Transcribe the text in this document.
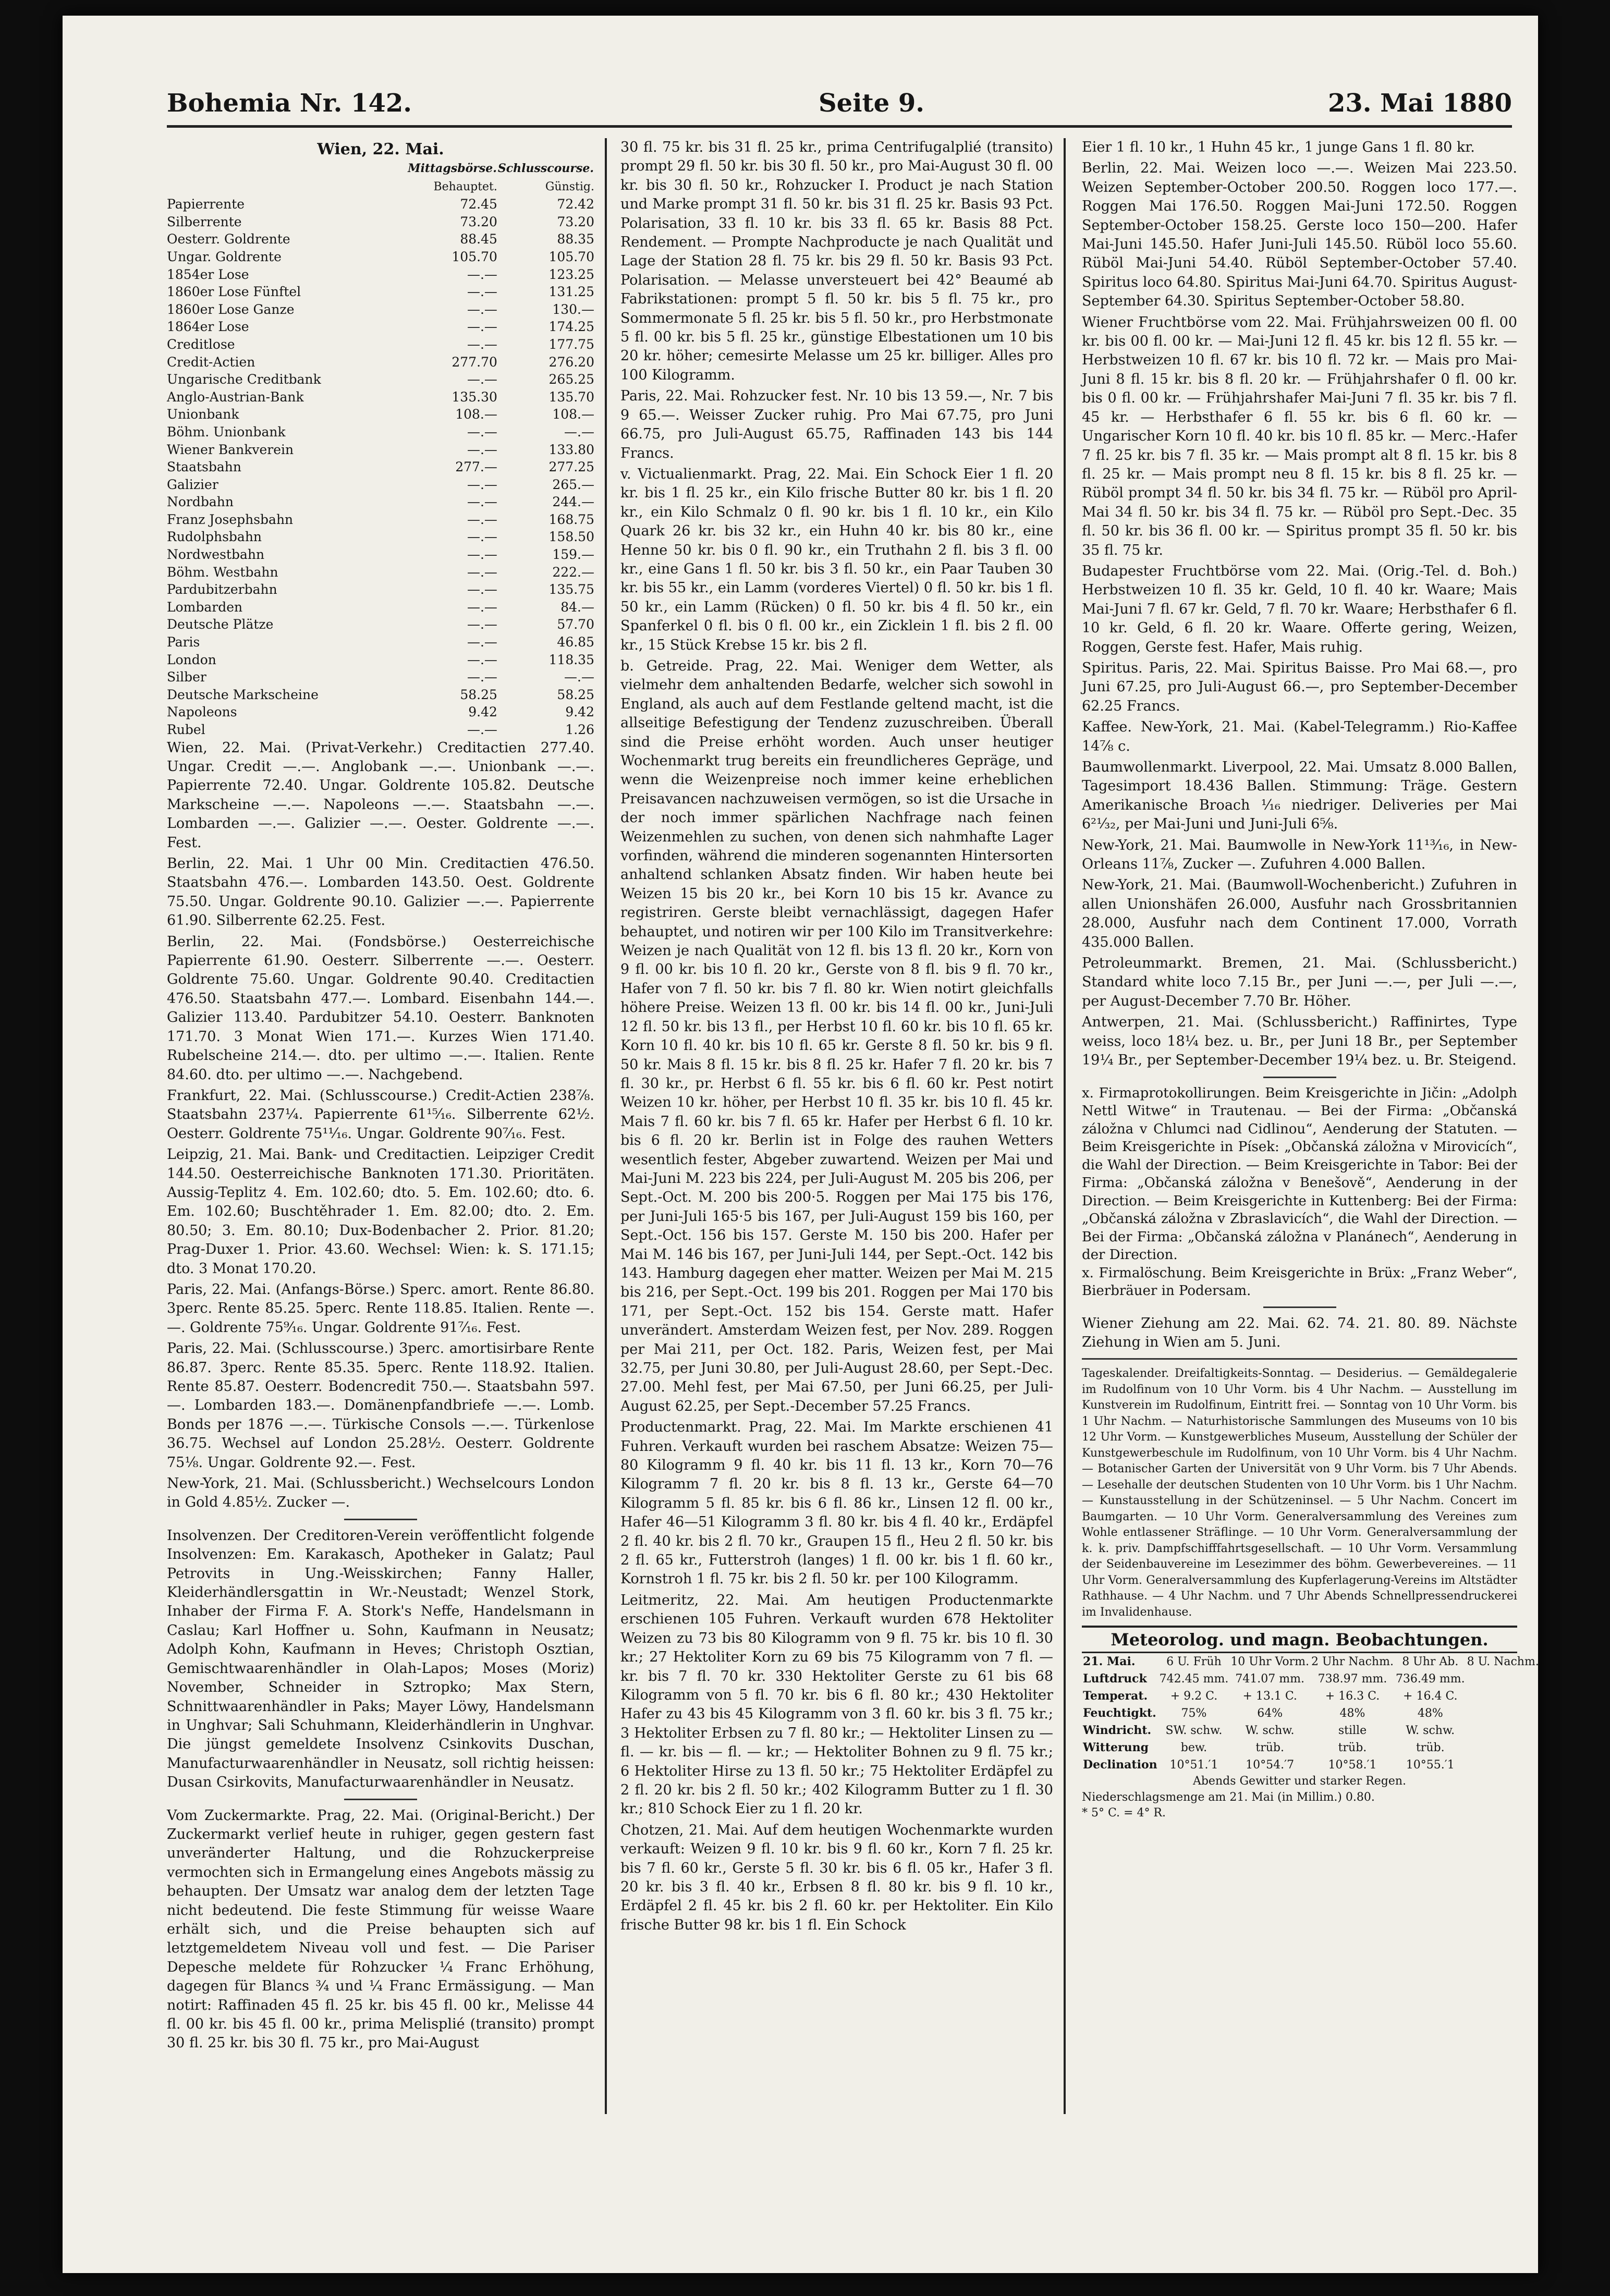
Bohemia Nr. 142.	Seite 9.	23. Mai 1880
Wien, 22. Mai.
	Mittagsbörse.	Schlusscourse.
	Behauptet.	Günstig.
Papierrente	72.45	72.42
Silberrente	73.20	73.20
Oesterr. Goldrente	88.45	88.35
Ungar. Goldrente	105.70	105.70
1854er Lose	—.—	123.25
1860er Lose Fünftel	—.—	131.25
1860er Lose Ganze	—.—	130.—
1864er Lose	—.—	174.25
Creditlose	—.—	177.75
Credit-Actien	277.70	276.20
Ungarische Creditbank	—.—	265.25
Anglo-Austrian-Bank	135.30	135.70
Unionbank	108.—	108.—
Böhm. Unionbank	—.—	—.—
Wiener Bankverein	—.—	133.80
Staatsbahn	277.—	277.25
Galizier	—.—	265.—
Nordbahn	—.—	244.—
Franz Josephsbahn	—.—	168.75
Rudolphsbahn	—.—	158.50
Nordwestbahn	—.—	159.—
Böhm. Westbahn	—.—	222.—
Pardubitzerbahn	—.—	135.75
Lombarden	—.—	84.—
Deutsche Plätze	—.—	57.70
Paris	—.—	46.85
London	—.—	118.35
Silber	—.—	—.—
Deutsche Markscheine	58.25	58.25
Napoleons	9.42	9.42
Rubel	—.—	1.26
Wien, 22. Mai. (Privat-Verkehr.) Creditactien 277.40. Ungar. Credit —.—. Anglobank —.—. Unionbank —.—. Papierrente 72.40. Ungar. Goldrente 105.82. Deutsche Markscheine —.—. Napoleons —.—. Staatsbahn —.—. Lombarden —.—. Galizier —.—. Oester. Goldrente —.—. Fest.
Berlin, 22. Mai. 1 Uhr 00 Min. Creditactien 476.50. Staatsbahn 476.—. Lombarden 143.50. Oest. Goldrente 75.50. Ungar. Goldrente 90.10. Galizier —.—. Papierrente 61.90. Silberrente 62.25. Fest.
Berlin, 22. Mai. (Fondsbörse.) Oesterreichische Papierrente 61.90. Oesterr. Silberrente —.—. Oesterr. Goldrente 75.60. Ungar. Goldrente 90.40. Creditactien 476.50. Staatsbahn 477.—. Lombard. Eisenbahn 144.—. Galizier 113.40. Pardubitzer 54.10. Oesterr. Banknoten 171.70. 3 Monat Wien 171.—. Kurzes Wien 171.40. Rubelscheine 214.—. dto. per ultimo —.—. Italien. Rente 84.60. dto. per ultimo —.—. Nachgebend.
Frankfurt, 22. Mai. (Schlusscourse.) Credit-Actien 238⅞. Staatsbahn 237¼. Papierrente 61¹⁵⁄₁₆. Silberrente 62½. Oesterr. Goldrente 75¹¹⁄₁₆. Ungar. Goldrente 90⁷⁄₁₆. Fest.
Leipzig, 21. Mai. Bank- und Creditactien. Leipziger Credit 144.50. Oesterreichische Banknoten 171.30. Prioritäten. Aussig-Teplitz 4. Em. 102.60; dto. 5. Em. 102.60; dto. 6. Em. 102.60; Buschtěhrader 1. Em. 82.00; dto. 2. Em. 80.50; 3. Em. 80.10; Dux-Bodenbacher 2. Prior. 81.20; Prag-Duxer 1. Prior. 43.60. Wechsel: Wien: k. S. 171.15; dto. 3 Monat 170.20.
Paris, 22. Mai. (Anfangs-Börse.) Sperc. amort. Rente 86.80. 3perc. Rente 85.25. 5perc. Rente 118.85. Italien. Rente —.—. Goldrente 75⁹⁄₁₆. Ungar. Goldrente 91⁷⁄₁₆. Fest.
Paris, 22. Mai. (Schlusscourse.) 3perc. amortisirbare Rente 86.87. 3perc. Rente 85.35. 5perc. Rente 118.92. Italien. Rente 85.87. Oesterr. Bodencredit 750.—. Staatsbahn 597.—. Lombarden 183.—. Domänenpfandbriefe —.—. Lomb. Bonds per 1876 —.—. Türkische Consols —.—. Türkenlose 36.75. Wechsel auf London 25.28½. Oesterr. Goldrente 75⅛. Ungar. Goldrente 92.—. Fest.
New-York, 21. Mai. (Schlussbericht.) Wechselcours London in Gold 4.85½. Zucker —.
Insolvenzen. Der Creditoren-Verein veröffentlicht folgende Insolvenzen: Em. Karakasch, Apotheker in Galatz; Paul Petrovits in Ung.-Weisskirchen; Fanny Haller, Kleiderhändlersgattin in Wr.-Neustadt; Wenzel Stork, Inhaber der Firma F. A. Stork's Neffe, Handelsmann in Caslau; Karl Hoffner u. Sohn, Kaufmann in Neusatz; Adolph Kohn, Kaufmann in Heves; Christoph Osztian, Gemischtwaarenhändler in Olah-Lapos; Moses (Moriz) November, Schneider in Sztropko; Max Stern, Schnittwaarenhändler in Paks; Mayer Löwy, Handelsmann in Unghvar; Sali Schuhmann, Kleiderhändlerin in Unghvar. Die jüngst gemeldete Insolvenz Csinkovits Duschan, Manufacturwaarenhändler in Neusatz, soll richtig heissen: Dusan Csirkovits, Manufacturwaarenhändler in Neusatz.
Vom Zuckermarkte. Prag, 22. Mai. (Original-Bericht.) Der Zuckermarkt verlief heute in ruhiger, gegen gestern fast unveränderter Haltung, und die Rohzuckerpreise vermochten sich in Ermangelung eines Angebots mässig zu behaupten. Der Umsatz war analog dem der letzten Tage nicht bedeutend. Die feste Stimmung für weisse Waare erhält sich, und die Preise behaupten sich auf letztgemeldetem Niveau voll und fest. — Die Pariser Depesche meldete für Rohzucker ¼ Franc Erhöhung, dagegen für Blancs ¾ und ¼ Franc Ermässigung. — Man notirt: Raffinaden 45 fl. 25 kr. bis 45 fl. 00 kr., Melisse 44 fl. 00 kr. bis 45 fl. 00 kr., prima Melisplié (transito) prompt 30 fl. 25 kr. bis 30 fl. 75 kr., pro Mai-August
30 fl. 75 kr. bis 31 fl. 25 kr., prima Centrifugalplié (transito) prompt 29 fl. 50 kr. bis 30 fl. 50 kr., pro Mai-August 30 fl. 00 kr. bis 30 fl. 50 kr., Rohzucker I. Product je nach Station und Marke prompt 31 fl. 50 kr. bis 31 fl. 25 kr. Basis 93 Pct. Polarisation, 33 fl. 10 kr. bis 33 fl. 65 kr. Basis 88 Pct. Rendement. — Prompte Nachproducte je nach Qualität und Lage der Station 28 fl. 75 kr. bis 29 fl. 50 kr. Basis 93 Pct. Polarisation. — Melasse unversteuert bei 42° Beaumé ab Fabrikstationen: prompt 5 fl. 50 kr. bis 5 fl. 75 kr., pro Sommermonate 5 fl. 25 kr. bis 5 fl. 50 kr., pro Herbstmonate 5 fl. 00 kr. bis 5 fl. 25 kr., günstige Elbestationen um 10 bis 20 kr. höher; cemesirte Melasse um 25 kr. billiger. Alles pro 100 Kilogramm.
Paris, 22. Mai. Rohzucker fest. Nr. 10 bis 13 59.—, Nr. 7 bis 9 65.—. Weisser Zucker ruhig. Pro Mai 67.75, pro Juni 66.75, pro Juli-August 65.75, Raffinaden 143 bis 144 Francs.
v. Victualienmarkt. Prag, 22. Mai. Ein Schock Eier 1 fl. 20 kr. bis 1 fl. 25 kr., ein Kilo frische Butter 80 kr. bis 1 fl. 20 kr., ein Kilo Schmalz 0 fl. 90 kr. bis 1 fl. 10 kr., ein Kilo Quark 26 kr. bis 32 kr., ein Huhn 40 kr. bis 80 kr., eine Henne 50 kr. bis 0 fl. 90 kr., ein Truthahn 2 fl. bis 3 fl. 00 kr., eine Gans 1 fl. 50 kr. bis 3 fl. 50 kr., ein Paar Tauben 30 kr. bis 55 kr., ein Lamm (vorderes Viertel) 0 fl. 50 kr. bis 1 fl. 50 kr., ein Lamm (Rücken) 0 fl. 50 kr. bis 4 fl. 50 kr., ein Spanferkel 0 fl. bis 0 fl. 00 kr., ein Zicklein 1 fl. bis 2 fl. 00 kr., 15 Stück Krebse 15 kr. bis 2 fl.
b. Getreide. Prag, 22. Mai. Weniger dem Wetter, als vielmehr dem anhaltenden Bedarfe, welcher sich sowohl in England, als auch auf dem Festlande geltend macht, ist die allseitige Befestigung der Tendenz zuzuschreiben. Überall sind die Preise erhöht worden. Auch unser heutiger Wochenmarkt trug bereits ein freundlicheres Gepräge, und wenn die Weizenpreise noch immer keine erheblichen Preisavancen nachzuweisen vermögen, so ist die Ursache in der noch immer spärlichen Nachfrage nach feinen Weizenmehlen zu suchen, von denen sich nahmhafte Lager vorfinden, während die minderen sogenannten Hintersorten anhaltend schlanken Absatz finden. Wir haben heute bei Weizen 15 bis 20 kr., bei Korn 10 bis 15 kr. Avance zu registriren. Gerste bleibt vernachlässigt, dagegen Hafer behauptet, und notiren wir per 100 Kilo im Transitverkehre: Weizen je nach Qualität von 12 fl. bis 13 fl. 20 kr., Korn von 9 fl. 00 kr. bis 10 fl. 20 kr., Gerste von 8 fl. bis 9 fl. 70 kr., Hafer von 7 fl. 50 kr. bis 7 fl. 80 kr. Wien notirt gleichfalls höhere Preise. Weizen 13 fl. 00 kr. bis 14 fl. 00 kr., Juni-Juli 12 fl. 50 kr. bis 13 fl., per Herbst 10 fl. 60 kr. bis 10 fl. 65 kr. Korn 10 fl. 40 kr. bis 10 fl. 65 kr. Gerste 8 fl. 50 kr. bis 9 fl. 50 kr. Mais 8 fl. 15 kr. bis 8 fl. 25 kr. Hafer 7 fl. 20 kr. bis 7 fl. 30 kr., pr. Herbst 6 fl. 55 kr. bis 6 fl. 60 kr. Pest notirt Weizen 10 kr. höher, per Herbst 10 fl. 35 kr. bis 10 fl. 45 kr. Mais 7 fl. 60 kr. bis 7 fl. 65 kr. Hafer per Herbst 6 fl. 10 kr. bis 6 fl. 20 kr. Berlin ist in Folge des rauhen Wetters wesentlich fester, Abgeber zuwartend. Weizen per Mai und Mai-Juni M. 223 bis 224, per Juli-August M. 205 bis 206, per Sept.-Oct. M. 200 bis 200·5. Roggen per Mai 175 bis 176, per Juni-Juli 165·5 bis 167, per Juli-August 159 bis 160, per Sept.-Oct. 156 bis 157. Gerste M. 150 bis 200. Hafer per Mai M. 146 bis 167, per Juni-Juli 144, per Sept.-Oct. 142 bis 143. Hamburg dagegen eher matter. Weizen per Mai M. 215 bis 216, per Sept.-Oct. 199 bis 201. Roggen per Mai 170 bis 171, per Sept.-Oct. 152 bis 154. Gerste matt. Hafer unverändert. Amsterdam Weizen fest, per Nov. 289. Roggen per Mai 211, per Oct. 182. Paris, Weizen fest, per Mai 32.75, per Juni 30.80, per Juli-August 28.60, per Sept.-Dec. 27.00. Mehl fest, per Mai 67.50, per Juni 66.25, per Juli-August 62.25, per Sept.-December 57.25 Francs.
Productenmarkt. Prag, 22. Mai. Im Markte erschienen 41 Fuhren. Verkauft wurden bei raschem Absatze: Weizen 75—80 Kilogramm 9 fl. 40 kr. bis 11 fl. 13 kr., Korn 70—76 Kilogramm 7 fl. 20 kr. bis 8 fl. 13 kr., Gerste 64—70 Kilogramm 5 fl. 85 kr. bis 6 fl. 86 kr., Linsen 12 fl. 00 kr., Hafer 46—51 Kilogramm 3 fl. 80 kr. bis 4 fl. 40 kr., Erdäpfel 2 fl. 40 kr. bis 2 fl. 70 kr., Graupen 15 fl., Heu 2 fl. 50 kr. bis 2 fl. 65 kr., Futterstroh (langes) 1 fl. 00 kr. bis 1 fl. 60 kr., Kornstroh 1 fl. 75 kr. bis 2 fl. 50 kr. per 100 Kilogramm.
Leitmeritz, 22. Mai. Am heutigen Productenmarkte erschienen 105 Fuhren. Verkauft wurden 678 Hektoliter Weizen zu 73 bis 80 Kilogramm von 9 fl. 75 kr. bis 10 fl. 30 kr.; 27 Hektoliter Korn zu 69 bis 75 Kilogramm von 7 fl. — kr. bis 7 fl. 70 kr. 330 Hektoliter Gerste zu 61 bis 68 Kilogramm von 5 fl. 70 kr. bis 6 fl. 80 kr.; 430 Hektoliter Hafer zu 43 bis 45 Kilogramm von 3 fl. 60 kr. bis 3 fl. 75 kr.; 3 Hektoliter Erbsen zu 7 fl. 80 kr.; — Hektoliter Linsen zu — fl. — kr. bis — fl. — kr.; — Hektoliter Bohnen zu 9 fl. 75 kr.; 6 Hektoliter Hirse zu 13 fl. 50 kr.; 75 Hektoliter Erdäpfel zu 2 fl. 20 kr. bis 2 fl. 50 kr.; 402 Kilogramm Butter zu 1 fl. 30 kr.; 810 Schock Eier zu 1 fl. 20 kr.
Chotzen, 21. Mai. Auf dem heutigen Wochenmarkte wurden verkauft: Weizen 9 fl. 10 kr. bis 9 fl. 60 kr., Korn 7 fl. 25 kr. bis 7 fl. 60 kr., Gerste 5 fl. 30 kr. bis 6 fl. 05 kr., Hafer 3 fl. 20 kr. bis 3 fl. 40 kr., Erbsen 8 fl. 80 kr. bis 9 fl. 10 kr., Erdäpfel 2 fl. 45 kr. bis 2 fl. 60 kr. per Hektoliter. Ein Kilo frische Butter 98 kr. bis 1 fl. Ein Schock
Eier 1 fl. 10 kr., 1 Huhn 45 kr., 1 junge Gans 1 fl. 80 kr.
Berlin, 22. Mai. Weizen loco —.—. Weizen Mai 223.50. Weizen September-October 200.50. Roggen loco 177.—. Roggen Mai 176.50. Roggen Mai-Juni 172.50. Roggen September-October 158.25. Gerste loco 150—200. Hafer Mai-Juni 145.50. Hafer Juni-Juli 145.50. Rüböl loco 55.60. Rüböl Mai-Juni 54.40. Rüböl September-October 57.40. Spiritus loco 64.80. Spiritus Mai-Juni 64.70. Spiritus August-September 64.30. Spiritus September-October 58.80.
Wiener Fruchtbörse vom 22. Mai. Frühjahrsweizen 00 fl. 00 kr. bis 00 fl. 00 kr. — Mai-Juni 12 fl. 45 kr. bis 12 fl. 55 kr. — Herbstweizen 10 fl. 67 kr. bis 10 fl. 72 kr. — Mais pro Mai-Juni 8 fl. 15 kr. bis 8 fl. 20 kr. — Frühjahrshafer 0 fl. 00 kr. bis 0 fl. 00 kr. — Frühjahrshafer Mai-Juni 7 fl. 35 kr. bis 7 fl. 45 kr. — Herbsthafer 6 fl. 55 kr. bis 6 fl. 60 kr. — Ungarischer Korn 10 fl. 40 kr. bis 10 fl. 85 kr. — Merc.-Hafer 7 fl. 25 kr. bis 7 fl. 35 kr. — Mais prompt alt 8 fl. 15 kr. bis 8 fl. 25 kr. — Mais prompt neu 8 fl. 15 kr. bis 8 fl. 25 kr. — Rüböl prompt 34 fl. 50 kr. bis 34 fl. 75 kr. — Rüböl pro April-Mai 34 fl. 50 kr. bis 34 fl. 75 kr. — Rüböl pro Sept.-Dec. 35 fl. 50 kr. bis 36 fl. 00 kr. — Spiritus prompt 35 fl. 50 kr. bis 35 fl. 75 kr.
Budapester Fruchtbörse vom 22. Mai. (Orig.-Tel. d. Boh.) Herbstweizen 10 fl. 35 kr. Geld, 10 fl. 40 kr. Waare; Mais Mai-Juni 7 fl. 67 kr. Geld, 7 fl. 70 kr. Waare; Herbsthafer 6 fl. 10 kr. Geld, 6 fl. 20 kr. Waare. Offerte gering, Weizen, Roggen, Gerste fest. Hafer, Mais ruhig.
Spiritus. Paris, 22. Mai. Spiritus Baisse. Pro Mai 68.—, pro Juni 67.25, pro Juli-August 66.—, pro September-December 62.25 Francs.
Kaffee. New-York, 21. Mai. (Kabel-Telegramm.) Rio-Kaffee 14⅞ c.
Baumwollenmarkt. Liverpool, 22. Mai. Umsatz 8.000 Ballen, Tagesimport 18.436 Ballen. Stimmung: Träge. Gestern Amerikanische Broach ⅟₁₆ niedriger. Deliveries per Mai 6²¹⁄₃₂, per Mai-Juni und Juni-Juli 6⅝.
New-York, 21. Mai. Baumwolle in New-York 11¹³⁄₁₆, in New-Orleans 11⅞, Zucker —. Zufuhren 4.000 Ballen.
New-York, 21. Mai. (Baumwoll-Wochenbericht.) Zufuhren in allen Unionshäfen 26.000, Ausfuhr nach Grossbritannien 28.000, Ausfuhr nach dem Continent 17.000, Vorrath 435.000 Ballen.
Petroleummarkt. Bremen, 21. Mai. (Schlussbericht.) Standard white loco 7.15 Br., per Juni —.—, per Juli —.—, per August-December 7.70 Br. Höher.
Antwerpen, 21. Mai. (Schlussbericht.) Raffinirtes, Type weiss, loco 18¼ bez. u. Br., per Juni 18 Br., per September 19¼ Br., per September-December 19¼ bez. u. Br. Steigend.
x. Firmaprotokollirungen. Beim Kreisgerichte in Jičin: „Adolph Nettl Witwe“ in Trautenau. — Bei der Firma: „Občanská záložna v Chlumci nad Cidlinou“, Aenderung der Statuten. — Beim Kreisgerichte in Písek: „Občanská záložna v Mirovicích“, die Wahl der Direction. — Beim Kreisgerichte in Tabor: Bei der Firma: „Občanská záložna v Benešově“, Aenderung in der Direction. — Beim Kreisgerichte in Kuttenberg: Bei der Firma: „Občanská záložna v Zbraslavicích“, die Wahl der Direction. — Bei der Firma: „Občanská záložna v Planánech“, Aenderung in der Direction.
x. Firmalöschung. Beim Kreisgerichte in Brüx: „Franz Weber“, Bierbräuer in Podersam.
Wiener Ziehung am 22. Mai. 62. 74. 21. 80. 89. Nächste Ziehung in Wien am 5. Juni.
Tageskalender. Dreifaltigkeits-Sonntag. — Desiderius. — Gemäldegalerie im Rudolfinum von 10 Uhr Vorm. bis 4 Uhr Nachm. — Ausstellung im Kunstverein im Rudolfinum, Eintritt frei. — Sonntag von 10 Uhr Vorm. bis 1 Uhr Nachm. — Naturhistorische Sammlungen des Museums von 10 bis 12 Uhr Vorm. — Kunstgewerbliches Museum, Ausstellung der Schüler der Kunstgewerbeschule im Rudolfinum, von 10 Uhr Vorm. bis 4 Uhr Nachm. — Botanischer Garten der Universität von 9 Uhr Vorm. bis 7 Uhr Abends. — Lesehalle der deutschen Studenten von 10 Uhr Vorm. bis 1 Uhr Nachm. — Kunstausstellung in der Schützeninsel. — 5 Uhr Nachm. Concert im Baumgarten. — 10 Uhr Vorm. Generalversammlung des Vereines zum Wohle entlassener Sträflinge. — 10 Uhr Vorm. Generalversammlung der k. k. priv. Dampfschifffahrtsgesellschaft. — 10 Uhr Vorm. Versammlung der Seidenbauvereine im Lesezimmer des böhm. Gewerbevereines. — 11 Uhr Vorm. Generalversammlung des Kupferlagerung-Vereins im Altstädter Rathhause. — 4 Uhr Nachm. und 7 Uhr Abends Schnellpressendruckerei im Invalidenhause.
Meteorolog. und magn. Beobachtungen.
21. Mai.	6 U. Früh	10 Uhr Vorm.	2 Uhr Nachm.	8 Uhr Ab.	8 U. Nachm.
Luftdruck	742.45 mm.	741.07 mm.	738.97 mm.	736.49 mm.	
Temperat.	+ 9.2 C.	+ 13.1 C.	+ 16.3 C.	+ 16.4 C.	
Feuchtigkt.	75%	64%	48%	48%	
Windricht.	SW. schw.	W. schw.	stille	W. schw.	
Witterung	bew.	trüb.	trüb.	trüb.	
Declination	10°51.′1	10°54.′7	10°58.′1	10°55.′1	
Abends Gewitter und starker Regen.
Niederschlagsmenge am 21. Mai (in Millim.) 0.80.
* 5° C. = 4° R.
